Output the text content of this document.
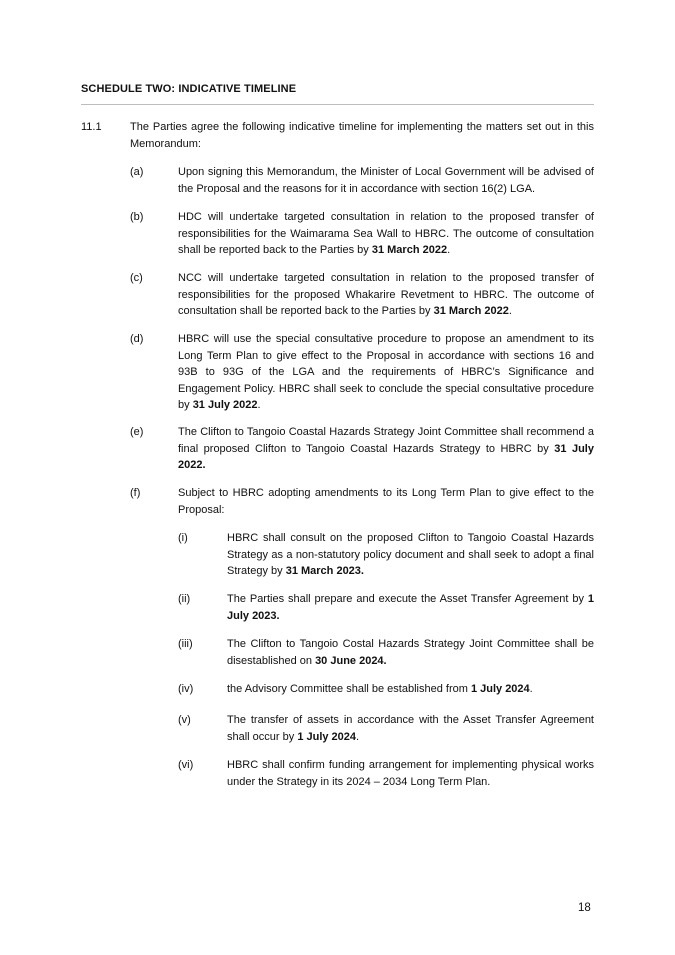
SCHEDULE TWO: INDICATIVE TIMELINE
11.1	The Parties agree the following indicative timeline for implementing the matters set out in this Memorandum:
(a)	Upon signing this Memorandum, the Minister of Local Government will be advised of the Proposal and the reasons for it in accordance with section 16(2) LGA.
(b)	HDC will undertake targeted consultation in relation to the proposed transfer of responsibilities for the Waimarama Sea Wall to HBRC. The outcome of consultation shall be reported back to the Parties by 31 March 2022.
(c)	NCC will undertake targeted consultation in relation to the proposed transfer of responsibilities for the proposed Whakarire Revetment to HBRC. The outcome of consultation shall be reported back to the Parties by 31 March 2022.
(d)	HBRC will use the special consultative procedure to propose an amendment to its Long Term Plan to give effect to the Proposal in accordance with sections 16 and 93B to 93G of the LGA and the requirements of HBRC’s Significance and Engagement Policy. HBRC shall seek to conclude the special consultative procedure by 31 July 2022.
(e)	The Clifton to Tangoio Coastal Hazards Strategy Joint Committee shall recommend a final proposed Clifton to Tangoio Coastal Hazards Strategy to HBRC by 31 July 2022.
(f)	Subject to HBRC adopting amendments to its Long Term Plan to give effect to the Proposal:
(i)	HBRC shall consult on the proposed Clifton to Tangoio Coastal Hazards Strategy as a non-statutory policy document and shall seek to adopt a final Strategy by 31 March 2023.
(ii)	The Parties shall prepare and execute the Asset Transfer Agreement by 1 July 2023.
(iii)	The Clifton to Tangoio Costal Hazards Strategy Joint Committee shall be disestablished on 30 June 2024.
(iv)	the Advisory Committee shall be established from 1 July 2024.
(v)	The transfer of assets in accordance with the Asset Transfer Agreement shall occur by 1 July 2024.
(vi)	HBRC shall confirm funding arrangement for implementing physical works under the Strategy in its 2024 – 2034 Long Term Plan.
18
